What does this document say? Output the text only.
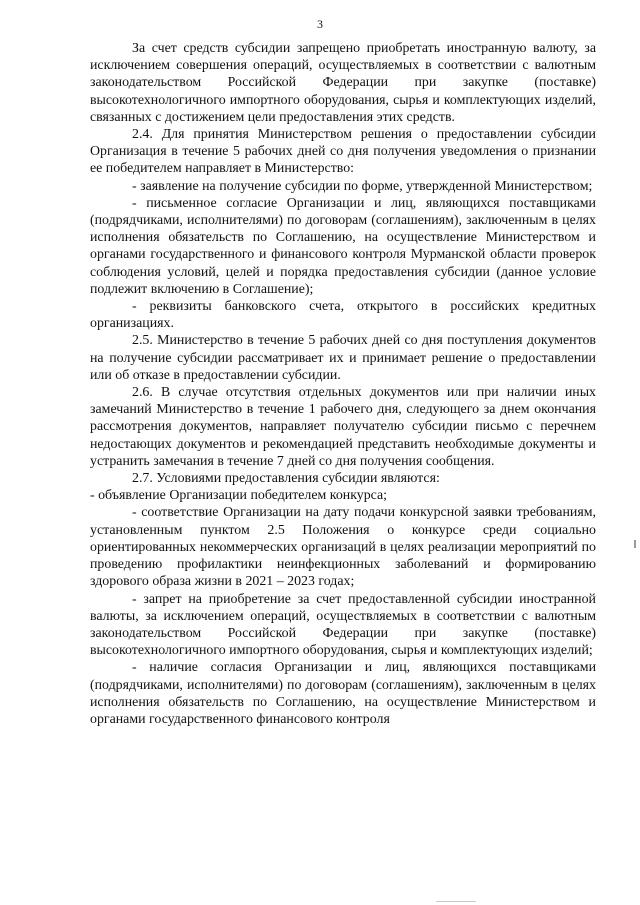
3

За счет средств субсидии запрещено приобретать иностранную валюту, за исключением совершения операций, осуществляемых в соответствии с валютным законодательством Российской Федерации при закупке (поставке) высокотехнологичного импортного оборудования, сырья и комплектующих изделий, связанных с достижением цели предоставления этих средств.

2.4. Для принятия Министерством решения о предоставлении субсидии Организация в течение 5 рабочих дней со дня получения уведомления о признании ее победителем направляет в Министерство:

- заявление на получение субсидии по форме, утвержденной Министерством;

- письменное согласие Организации и лиц, являющихся поставщиками (подрядчиками, исполнителями) по договорам (соглашениям), заключенным в целях исполнения обязательств по Соглашению, на осуществление Министерством и органами государственного и финансового контроля Мурманской области проверок соблюдения условий, целей и порядка предоставления субсидии (данное условие подлежит включению в Соглашение);

- реквизиты банковского счета, открытого в российских кредитных организациях.

2.5. Министерство в течение 5 рабочих дней со дня поступления документов на получение субсидии рассматривает их и принимает решение о предоставлении или об отказе в предоставлении субсидии.

2.6. В случае отсутствия отдельных документов или при наличии иных замечаний Министерство в течение 1 рабочего дня, следующего за днем окончания рассмотрения документов, направляет получателю субсидии письмо с перечнем недостающих документов и рекомендацией представить необходимые документы и устранить замечания в течение 7 дней со дня получения сообщения.

2.7. Условиями предоставления субсидии являются:

- объявление Организации победителем конкурса;

- соответствие Организации на дату подачи конкурсной заявки требованиям, установленным пунктом 2.5 Положения о конкурсе среди социально ориентированных некоммерческих организаций в целях реализации мероприятий по проведению профилактики неинфекционных заболеваний и формированию здорового образа жизни в 2021 – 2023 годах;

- запрет на приобретение за счет предоставленной субсидии иностранной валюты, за исключением операций, осуществляемых в соответствии с валютным законодательством Российской Федерации при закупке (поставке) высокотехнологичного импортного оборудования, сырья и комплектующих изделий;

- наличие согласия Организации и лиц, являющихся поставщиками (подрядчиками, исполнителями) по договорам (соглашениям), заключенным в целях исполнения обязательств по Соглашению, на осуществление Министерством и органами государственного финансового контроля
